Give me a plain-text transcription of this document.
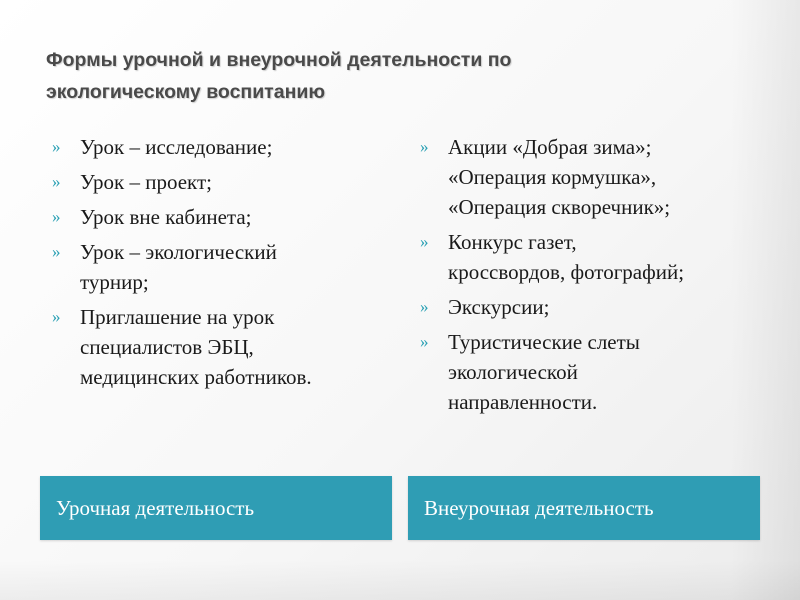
Формы урочной и внеурочной деятельности по
экологическому воспитанию
» Урок – исследование;
» Урок – проект;
» Урок вне кабинета;
» Урок – экологический
турнир;
» Приглашение на урок
специалистов ЭБЦ,
медицинских работников.
» Акции «Добрая зима»;
«Операция кормушка»,
«Операция скворечник»;
» Конкурс газет,
кроссвордов, фотографий;
» Экскурсии;
» Туристические слеты
экологической
направленности.
Урочная деятельность	Внеурочная деятельность
